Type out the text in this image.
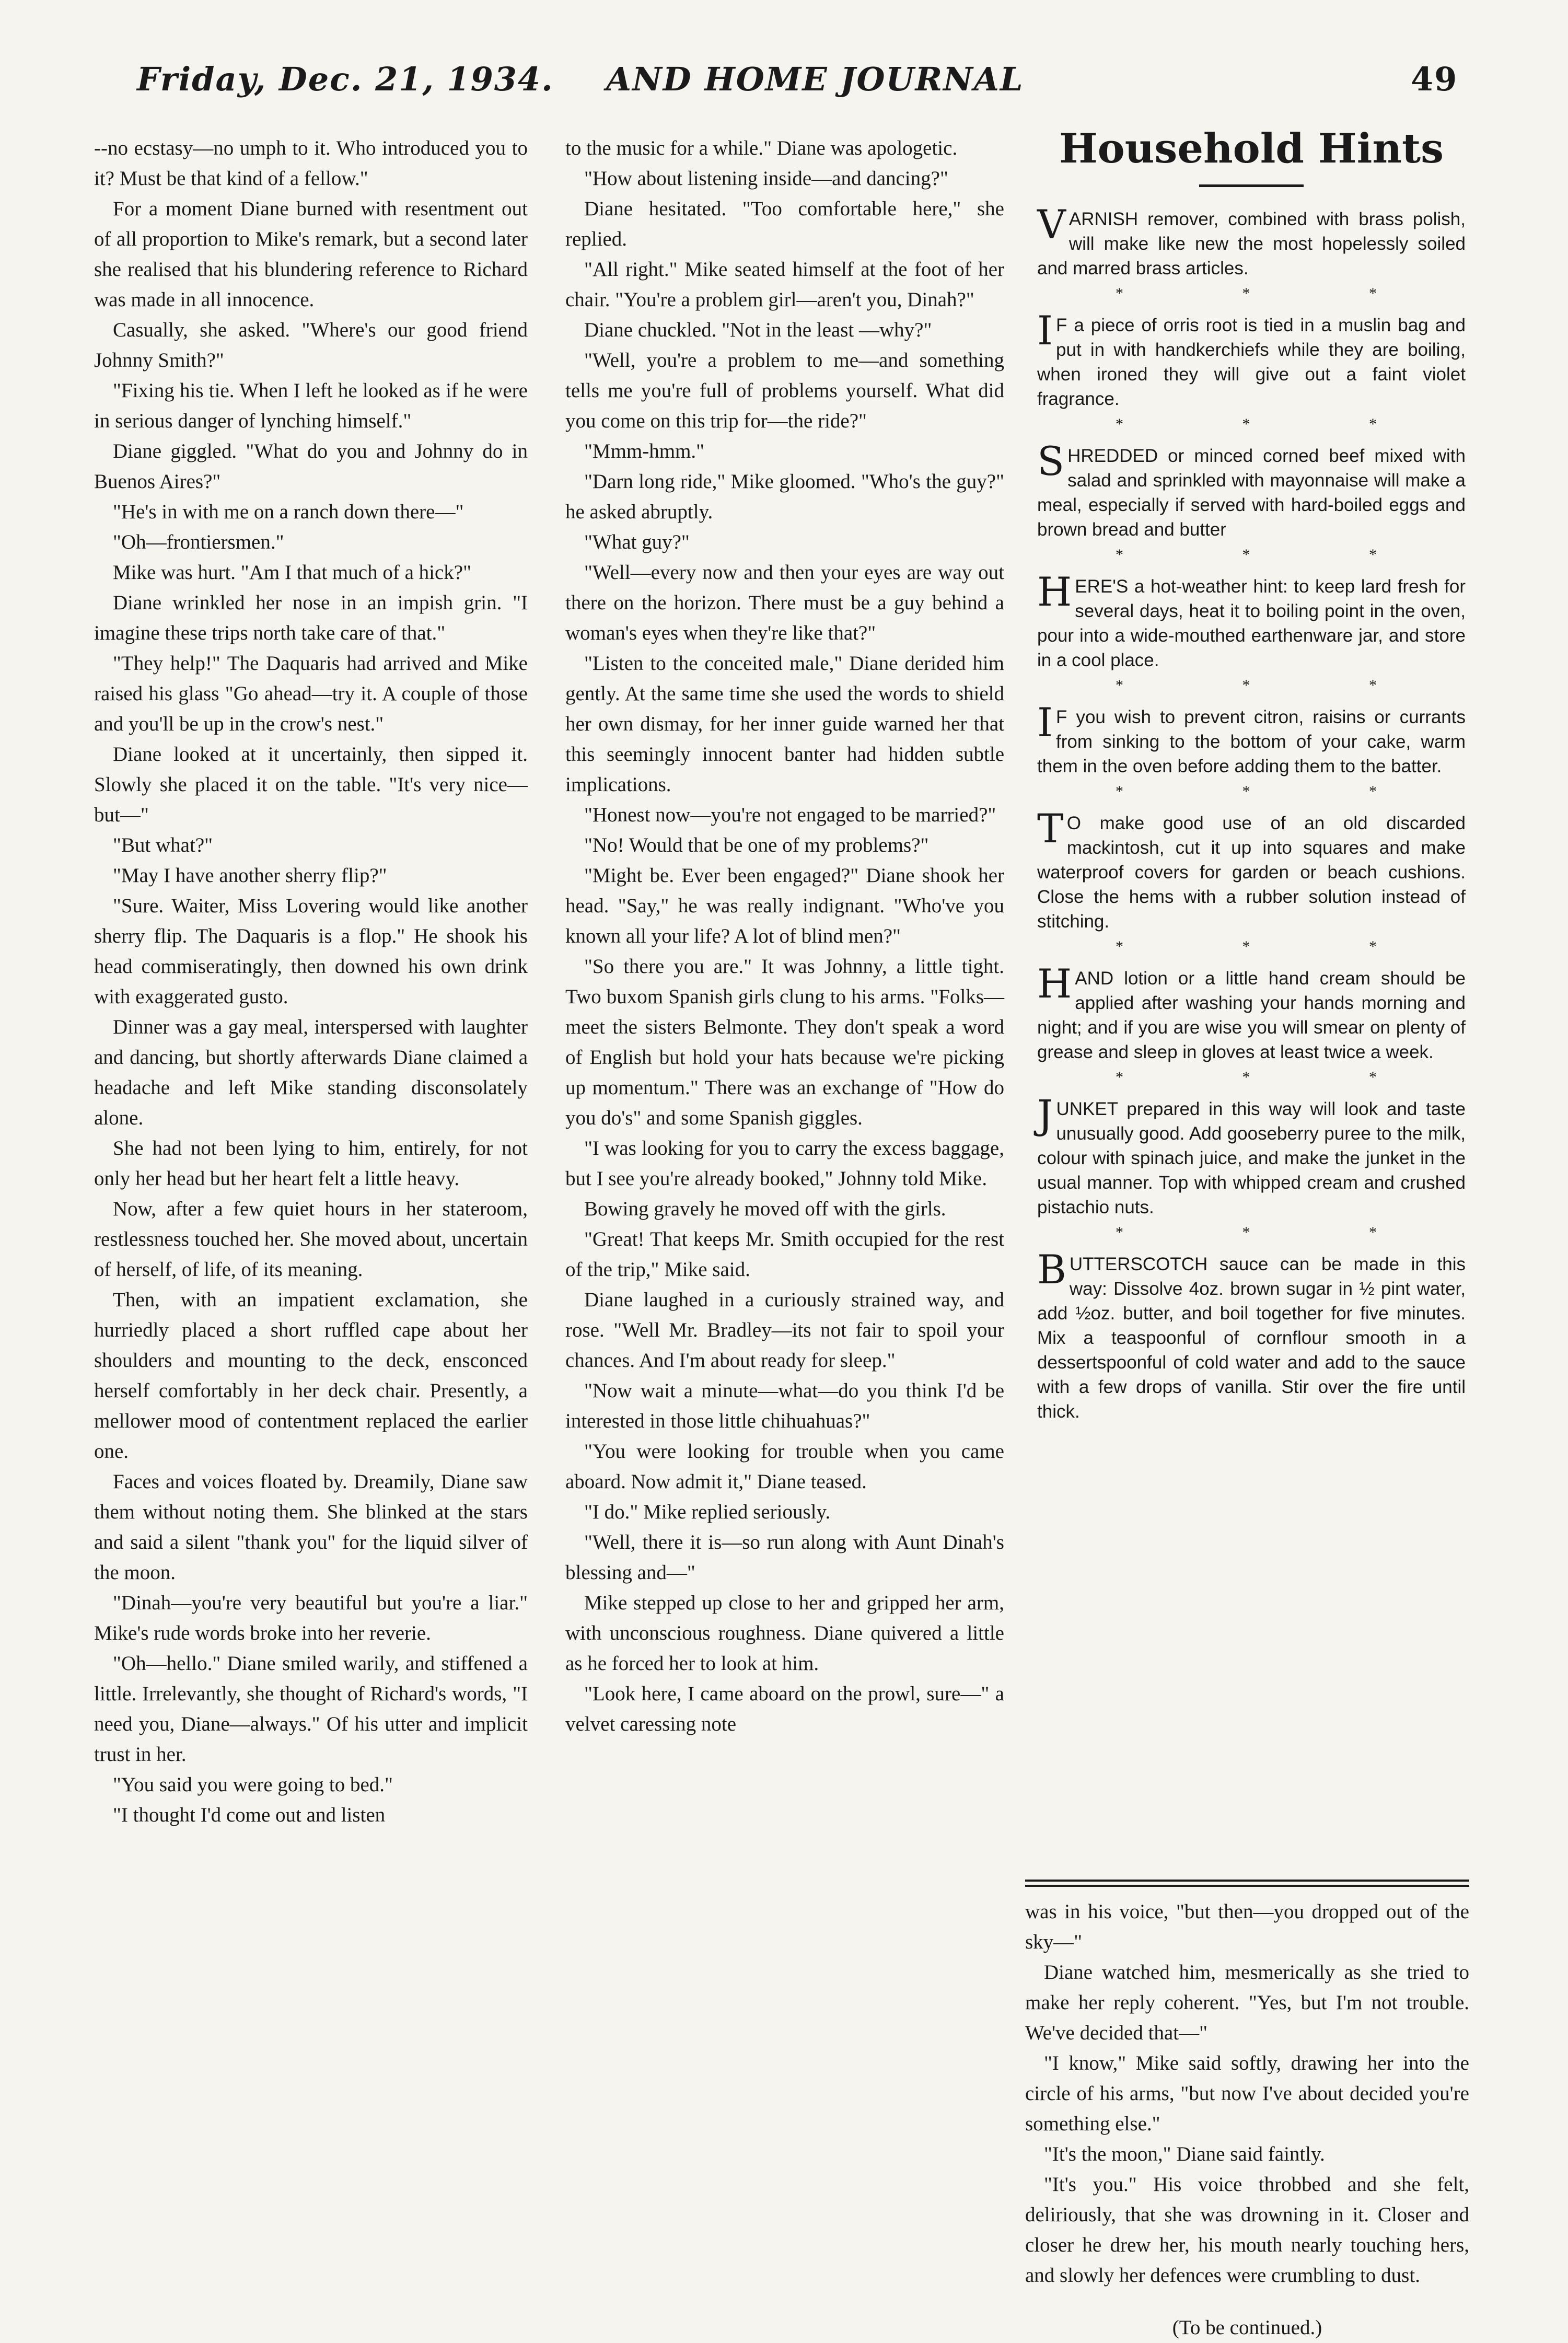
Friday, Dec. 21, 1934. AND HOME JOURNAL	49

--no ecstasy—no umph to it. Who introduced you to it? Must be that kind of a fellow."

For a moment Diane burned with resentment out of all proportion to Mike's remark, but a second later she realised that his blundering reference to Richard was made in all innocence.

Casually, she asked. "Where's our good friend Johnny Smith?"

"Fixing his tie. When I left he looked as if he were in serious danger of lynching himself."

Diane giggled. "What do you and Johnny do in Buenos Aires?"

"He's in with me on a ranch down there—"

"Oh—frontiersmen."

Mike was hurt. "Am I that much of a hick?"

Diane wrinkled her nose in an impish grin. "I imagine these trips north take care of that."

"They help!" The Daquaris had arrived and Mike raised his glass "Go ahead—try it. A couple of those and you'll be up in the crow's nest."

Diane looked at it uncertainly, then sipped it. Slowly she placed it on the table. "It's very nice—but—"

"But what?"

"May I have another sherry flip?"

"Sure. Waiter, Miss Lovering would like another sherry flip. The Daquaris is a flop." He shook his head commiseratingly, then downed his own drink with exaggerated gusto.

Dinner was a gay meal, interspersed with laughter and dancing, but shortly afterwards Diane claimed a headache and left Mike standing disconsolately alone.

She had not been lying to him, entirely, for not only her head but her heart felt a little heavy.

Now, after a few quiet hours in her stateroom, restlessness touched her. She moved about, uncertain of herself, of life, of its meaning.

Then, with an impatient exclamation, she hurriedly placed a short ruffled cape about her shoulders and mounting to the deck, ensconced herself comfortably in her deck chair. Presently, a mellower mood of contentment replaced the earlier one.

Faces and voices floated by. Dreamily, Diane saw them without noting them. She blinked at the stars and said a silent "thank you" for the liquid silver of the moon.

"Dinah—you're very beautiful but you're a liar." Mike's rude words broke into her reverie.

"Oh—hello." Diane smiled warily, and stiffened a little. Irrelevantly, she thought of Richard's words, "I need you, Diane—always." Of his utter and implicit trust in her.

"You said you were going to bed."

"I thought I'd come out and listen

to the music for a while." Diane was apologetic.

"How about listening inside—and dancing?"

Diane hesitated. "Too comfortable here," she replied.

"All right." Mike seated himself at the foot of her chair. "You're a problem girl—aren't you, Dinah?"

Diane chuckled. "Not in the least —why?"

"Well, you're a problem to me—and something tells me you're full of problems yourself. What did you come on this trip for—the ride?"

"Mmm-hmm."

"Darn long ride," Mike gloomed. "Who's the guy?" he asked abruptly.

"What guy?"

"Well—every now and then your eyes are way out there on the horizon. There must be a guy behind a woman's eyes when they're like that?"

"Listen to the conceited male," Diane derided him gently. At the same time she used the words to shield her own dismay, for her inner guide warned her that this seemingly innocent banter had hidden subtle implications.

"Honest now—you're not engaged to be married?"

"No! Would that be one of my problems?"

"Might be. Ever been engaged?" Diane shook her head. "Say," he was really indignant. "Who've you known all your life? A lot of blind men?"

"So there you are." It was Johnny, a little tight. Two buxom Spanish girls clung to his arms. "Folks—meet the sisters Belmonte. They don't speak a word of English but hold your hats because we're picking up momentum." There was an exchange of "How do you do's" and some Spanish giggles.

"I was looking for you to carry the excess baggage, but I see you're already booked," Johnny told Mike.

Bowing gravely he moved off with the girls.

"Great! That keeps Mr. Smith occupied for the rest of the trip," Mike said.

Diane laughed in a curiously strained way, and rose. "Well Mr. Bradley—its not fair to spoil your chances. And I'm about ready for sleep."

"Now wait a minute—what—do you think I'd be interested in those little chihuahuas?"

"You were looking for trouble when you came aboard. Now admit it," Diane teased.

"I do." Mike replied seriously.

"Well, there it is—so run along with Aunt Dinah's blessing and—"

Mike stepped up close to her and gripped her arm, with unconscious roughness. Diane quivered a little as he forced her to look at him.

"Look here, I came aboard on the prowl, sure—" a velvet caressing note

Household Hints

VARNISH remover, combined with brass polish, will make like new the most hopelessly soiled and marred brass articles.

* * *

IF a piece of orris root is tied in a muslin bag and put in with handkerchiefs while they are boiling, when ironed they will give out a faint violet fragrance.

* * *

SHREDDED or minced corned beef mixed with salad and sprinkled with mayonnaise will make a meal, especially if served with hard-boiled eggs and brown bread and butter

* * *

HERE'S a hot-weather hint: to keep lard fresh for several days, heat it to boiling point in the oven, pour into a wide-mouthed earthenware jar, and store in a cool place.

* * *

IF you wish to prevent citron, raisins or currants from sinking to the bottom of your cake, warm them in the oven before adding them to the batter.

* * *

TO make good use of an old discarded mackintosh, cut it up into squares and make waterproof covers for garden or beach cushions. Close the hems with a rubber solution instead of stitching.

* * *

HAND lotion or a little hand cream should be applied after washing your hands morning and night; and if you are wise you will smear on plenty of grease and sleep in gloves at least twice a week.

* * *

JUNKET prepared in this way will look and taste unusually good. Add gooseberry puree to the milk, colour with spinach juice, and make the junket in the usual manner. Top with whipped cream and crushed pistachio nuts.

* * *

BUTTERSCOTCH sauce can be made in this way: Dissolve 4oz. brown sugar in ½ pint water, add ½oz. butter, and boil together for five minutes. Mix a teaspoonful of cornflour smooth in a dessertspoonful of cold water and add to the sauce with a few drops of vanilla. Stir over the fire until thick.

was in his voice, "but then—you dropped out of the sky—"

Diane watched him, mesmerically as she tried to make her reply coherent. "Yes, but I'm not trouble. We've decided that—"

"I know," Mike said softly, drawing her into the circle of his arms, "but now I've about decided you're something else."

"It's the moon," Diane said faintly.

"It's you." His voice throbbed and she felt, deliriously, that she was drowning in it. Closer and closer he drew her, his mouth nearly touching hers, and slowly her defences were crumbling to dust.

(To be continued.)
